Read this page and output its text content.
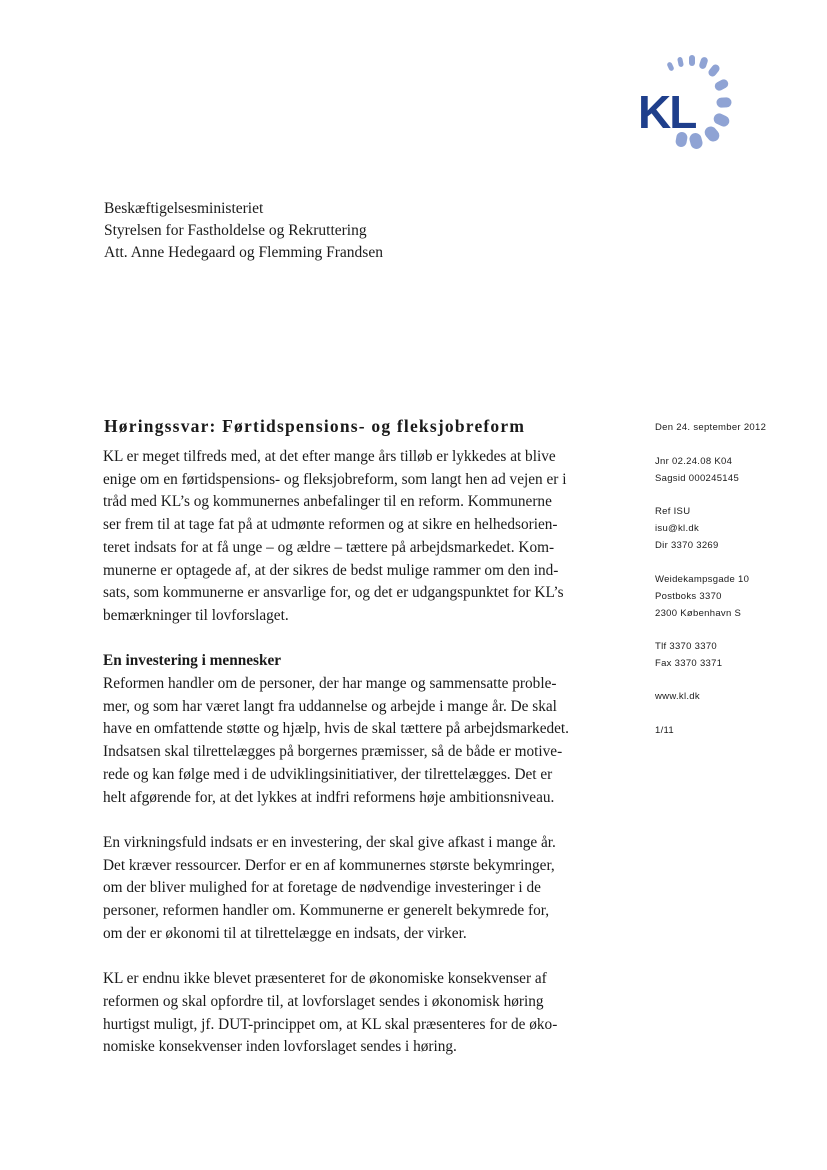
KL
Beskæftigelsesministeriet
Styrelsen for Fastholdelse og Rekruttering
Att. Anne Hedegaard og Flemming Frandsen
Høringssvar: Førtidspensions- og fleksjobreform
KL er meget tilfreds med, at det efter mange års tilløb er lykkedes at blive
enige om en førtidspensions- og fleksjobreform, som langt hen ad vejen er i
tråd med KL’s og kommunernes anbefalinger til en reform. Kommunerne
ser frem til at tage fat på at udmønte reformen og at sikre en helhedsorien-
teret indsats for at få unge – og ældre – tættere på arbejdsmarkedet. Kom-
munerne er optagede af, at der sikres de bedst mulige rammer om den ind-
sats, som kommunerne er ansvarlige for, og det er udgangspunktet for KL’s
bemærkninger til lovforslaget.
En investering i mennesker
Reformen handler om de personer, der har mange og sammensatte proble-
mer, og som har været langt fra uddannelse og arbejde i mange år. De skal
have en omfattende støtte og hjælp, hvis de skal tættere på arbejdsmarkedet.
Indsatsen skal tilrettelægges på borgernes præmisser, så de både er motive-
rede og kan følge med i de udviklingsinitiativer, der tilrettelægges. Det er
helt afgørende for, at det lykkes at indfri reformens høje ambitionsniveau.
En virkningsfuld indsats er en investering, der skal give afkast i mange år.
Det kræver ressourcer. Derfor er en af kommunernes største bekymringer,
om der bliver mulighed for at foretage de nødvendige investeringer i de
personer, reformen handler om. Kommunerne er generelt bekymrede for,
om der er økonomi til at tilrettelægge en indsats, der virker.
KL er endnu ikke blevet præsenteret for de økonomiske konsekvenser af
reformen og skal opfordre til, at lovforslaget sendes i økonomisk høring
hurtigst muligt, jf. DUT-princippet om, at KL skal præsenteres for de øko-
nomiske konsekvenser inden lovforslaget sendes i høring.
Den 24. september 2012
Jnr 02.24.08 K04
Sagsid 000245145
Ref ISU
isu@kl.dk
Dir 3370 3269
Weidekampsgade 10
Postboks 3370
2300 København S
Tlf 3370 3370
Fax 3370 3371
www.kl.dk
1/11
